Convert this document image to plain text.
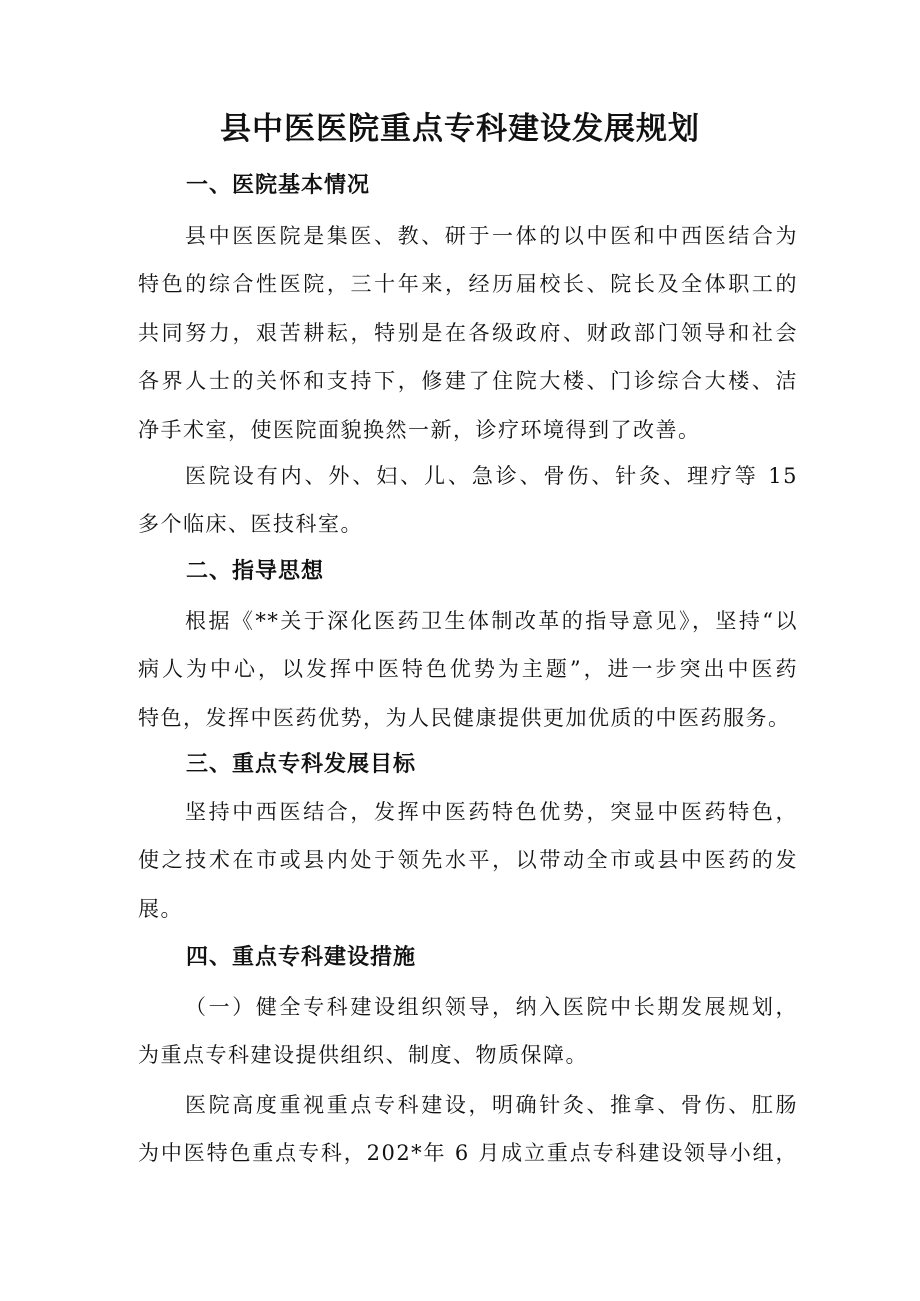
县中医医院重点专科建设发展规划
一、医院基本情况
县中医医院是集医、教、研于一体的以中医和中西医结合为
特色的综合性医院，三十年来，经历届校长、院长及全体职工的
共同努力，艰苦耕耘，特别是在各级政府、财政部门领导和社会
各界人士的关怀和支持下，修建了住院大楼、门诊综合大楼、洁
净手术室，使医院面貌换然一新，诊疗环境得到了改善。
医院设有内、外、妇、儿、急诊、骨伤、针灸、理疗等 15
多个临床、医技科室。
二、指导思想
根据《**关于深化医药卫生体制改革的指导意见》，坚持“以
病人为中心，以发挥中医特色优势为主题”，进一步突出中医药
特色，发挥中医药优势，为人民健康提供更加优质的中医药服务。
三、重点专科发展目标
坚持中西医结合，发挥中医药特色优势，突显中医药特色，
使之技术在市或县内处于领先水平，以带动全市或县中医药的发
展。
四、重点专科建设措施
（一）健全专科建设组织领导，纳入医院中长期发展规划，
为重点专科建设提供组织、制度、物质保障。
医院高度重视重点专科建设，明确针灸、推拿、骨伤、肛肠
为中医特色重点专科，202*年 6 月成立重点专科建设领导小组，
